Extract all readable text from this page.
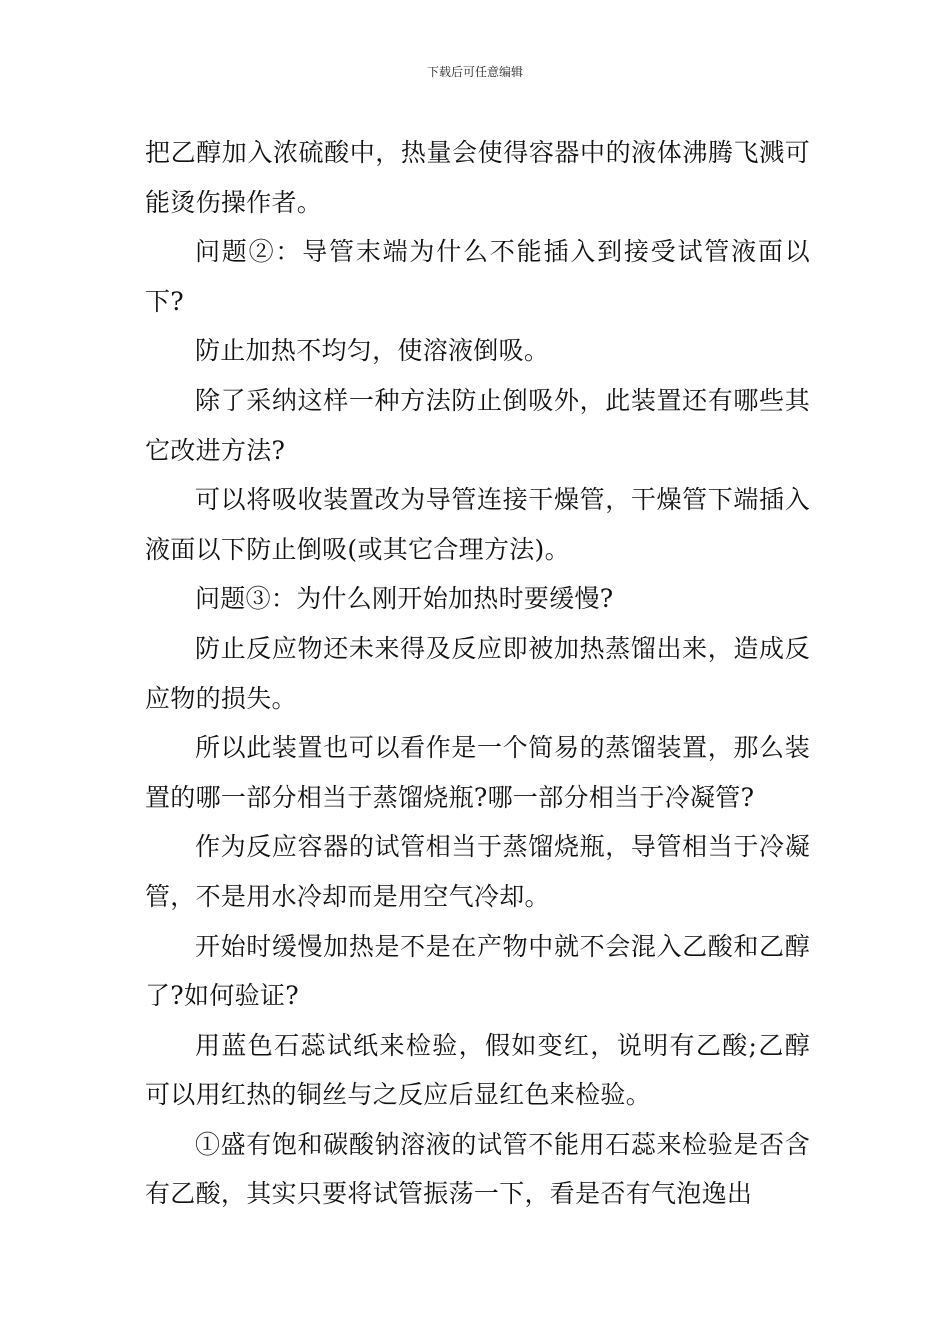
下载后可任意编辑

把乙醇加入浓硫酸中，热量会使得容器中的液体沸腾飞溅可能烫伤操作者。

问题②：导管末端为什么不能插入到接受试管液面以下?

防止加热不均匀，使溶液倒吸。

除了采纳这样一种方法防止倒吸外，此装置还有哪些其它改进方法?

可以将吸收装置改为导管连接干燥管，干燥管下端插入液面以下防止倒吸(或其它合理方法)。

问题③：为什么刚开始加热时要缓慢?

防止反应物还未来得及反应即被加热蒸馏出来，造成反应物的损失。

所以此装置也可以看作是一个简易的蒸馏装置，那么装置的哪一部分相当于蒸馏烧瓶?哪一部分相当于冷凝管?

作为反应容器的试管相当于蒸馏烧瓶，导管相当于冷凝管，不是用水冷却而是用空气冷却。

开始时缓慢加热是不是在产物中就不会混入乙酸和乙醇了?如何验证?

用蓝色石蕊试纸来检验，假如变红，说明有乙酸;乙醇可以用红热的铜丝与之反应后显红色来检验。

①盛有饱和碳酸钠溶液的试管不能用石蕊来检验是否含有乙酸，其实只要将试管振荡一下，看是否有气泡逸出
